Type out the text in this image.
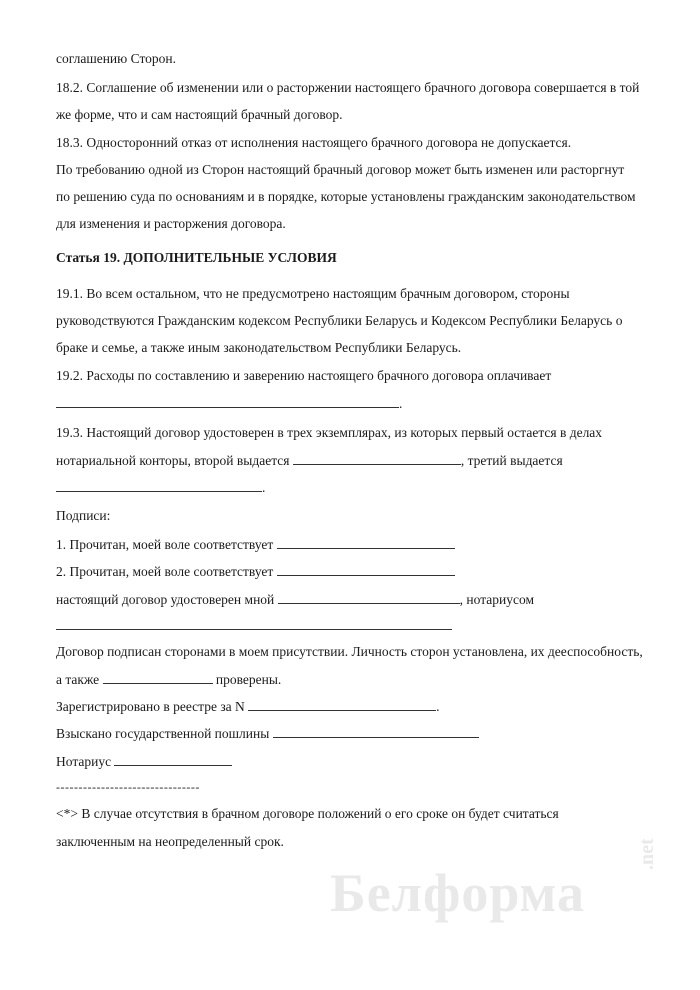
соглашению Сторон.
18.2. Соглашение об изменении или о расторжении настоящего брачного договора совершается в той
же форме, что и сам настоящий брачный договор.
18.3. Односторонний отказ от исполнения настоящего брачного договора не допускается.
По требованию одной из Сторон настоящий брачный договор может быть изменен или расторгнут
по решению суда по основаниям и в порядке, которые установлены гражданским законодательством
для изменения и расторжения договора.
Статья 19. ДОПОЛНИТЕЛЬНЫЕ УСЛОВИЯ
19.1. Во всем остальном, что не предусмотрено настоящим брачным договором, стороны
руководствуются Гражданским кодексом Республики Беларусь и Кодексом Республики Беларусь о
браке и семье, а также иным законодательством Республики Беларусь.
19.2. Расходы по составлению и заверению настоящего брачного договора оплачивает
.
19.3. Настоящий договор удостоверен в трех экземплярах, из которых первый остается в делах
нотариальной конторы, второй выдается	, третий выдается
.
Подписи:
1. Прочитан, моей воле соответствует
2. Прочитан, моей воле соответствует
настоящий договор удостоверен мной	, нотариусом
Договор подписан сторонами в моем присутствии. Личность сторон установлена, их дееспособность,
а также	проверены.
Зарегистрировано в реестре за N	.
Взыскано государственной пошлины
Нотариус
--------------------------------
<*> В случае отсутствия в брачном договоре положений о его сроке он будет считаться
заключенным на неопределенный срок.
Белформа
.net
